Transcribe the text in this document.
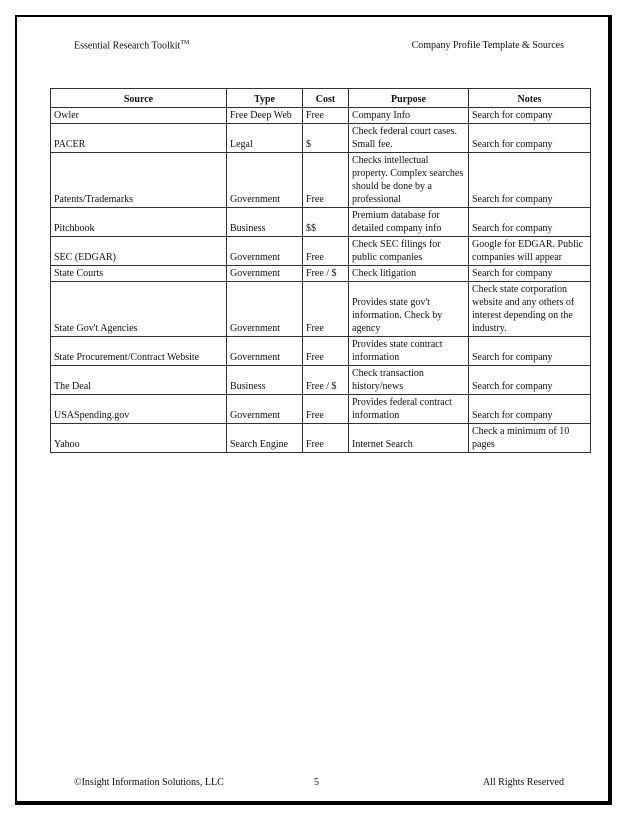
Essential Research Toolkit™	Company Profile Template & Sources
Source	Type	Cost	Purpose	Notes
Owler	Free Deep Web	Free	Company Info	Search for company
PACER	Legal	$	Check federal court cases. Small fee.	Search for company
Patents/Trademarks	Government	Free	Checks intellectual property. Complex searches should be done by a professional	Search for company
Pitchbook	Business	$$	Premium database for detailed company info	Search for company
SEC (EDGAR)	Government	Free	Check SEC filings for public companies	Google for EDGAR. Public companies will appear
State Courts	Government	Free / $	Check litigation	Search for company
State Gov't Agencies	Government	Free	Provides state gov't information. Check by agency	Check state corporation website and any others of interest depending on the industry.
State Procurement/Contract Website	Government	Free	Provides state contract information	Search for company
The Deal	Business	Free / $	Check transaction history/news	Search for company
USASpending.gov	Government	Free	Provides federal contract information	Search for company
Yahoo	Search Engine	Free	Internet Search	Check a minimum of 10 pages
©Insight Information Solutions, LLC	5	All Rights Reserved
